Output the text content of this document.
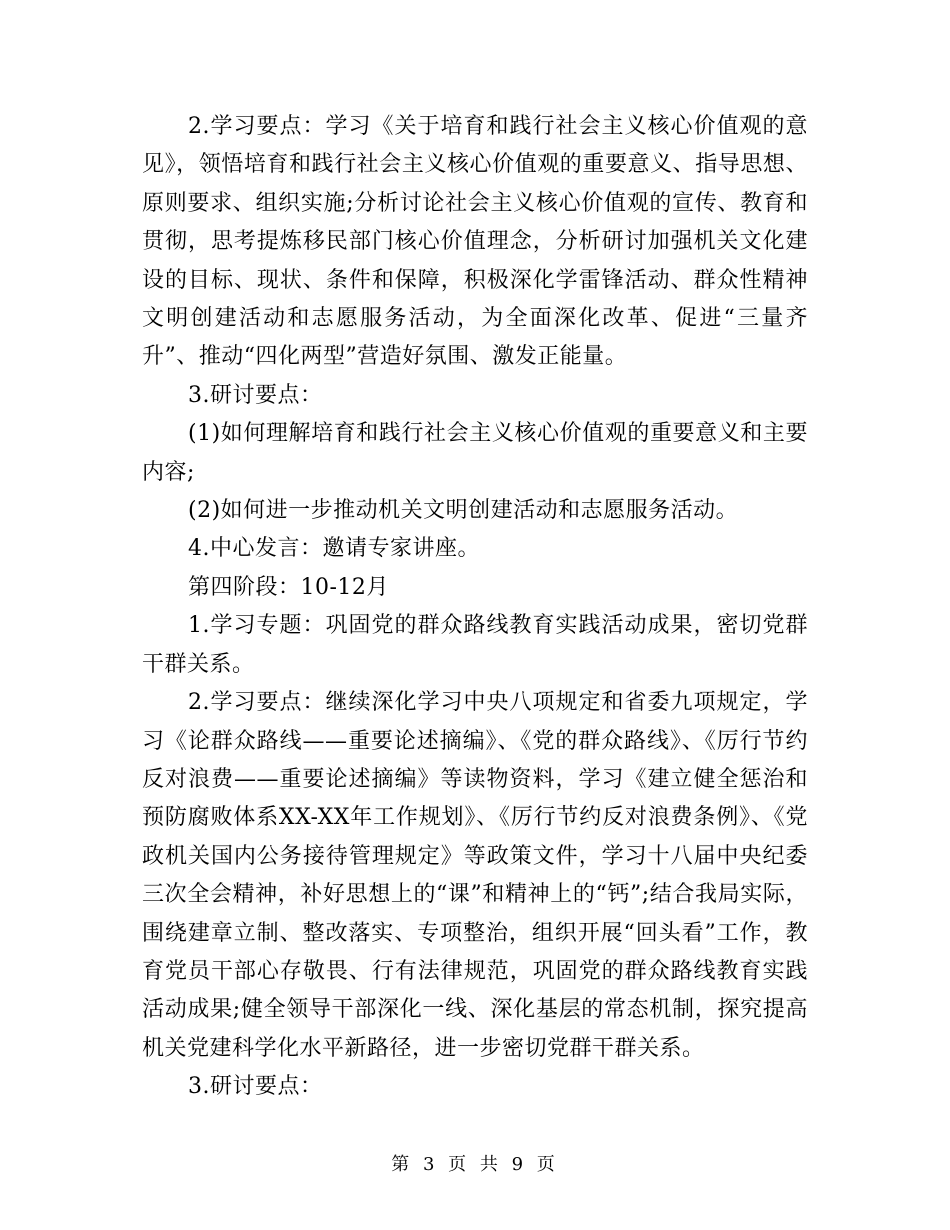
2.学习要点：学习《关于培育和践行社会主义核心价值观的意见》，领悟培育和践行社会主义核心价值观的重要意义、指导思想、原则要求、组织实施;分析讨论社会主义核心价值观的宣传、教育和贯彻，思考提炼移民部门核心价值理念，分析研讨加强机关文化建设的目标、现状、条件和保障，积极深化学雷锋活动、群众性精神文明创建活动和志愿服务活动，为全面深化改革、促进“三量齐升”、推动“四化两型”营造好氛围、激发正能量。

3.研讨要点：

(1)如何理解培育和践行社会主义核心价值观的重要意义和主要内容;

(2)如何进一步推动机关文明创建活动和志愿服务活动。

4.中心发言：邀请专家讲座。

第四阶段：10-12月

1.学习专题：巩固党的群众路线教育实践活动成果，密切党群干群关系。

2.学习要点：继续深化学习中央八项规定和省委九项规定，学习《论群众路线——重要论述摘编》、《党的群众路线》、《厉行节约反对浪费——重要论述摘编》等读物资料，学习《建立健全惩治和预防腐败体系XX-XX年工作规划》、《厉行节约反对浪费条例》、《党政机关国内公务接待管理规定》等政策文件，学习十八届中央纪委三次全会精神，补好思想上的“课”和精神上的“钙”;结合我局实际，围绕建章立制、整改落实、专项整治，组织开展“回头看”工作，教育党员干部心存敬畏、行有法律规范，巩固党的群众路线教育实践活动成果;健全领导干部深化一线、深化基层的常态机制，探究提高机关党建科学化水平新路径，进一步密切党群干群关系。

3.研讨要点：

第 3 页 共 9 页
